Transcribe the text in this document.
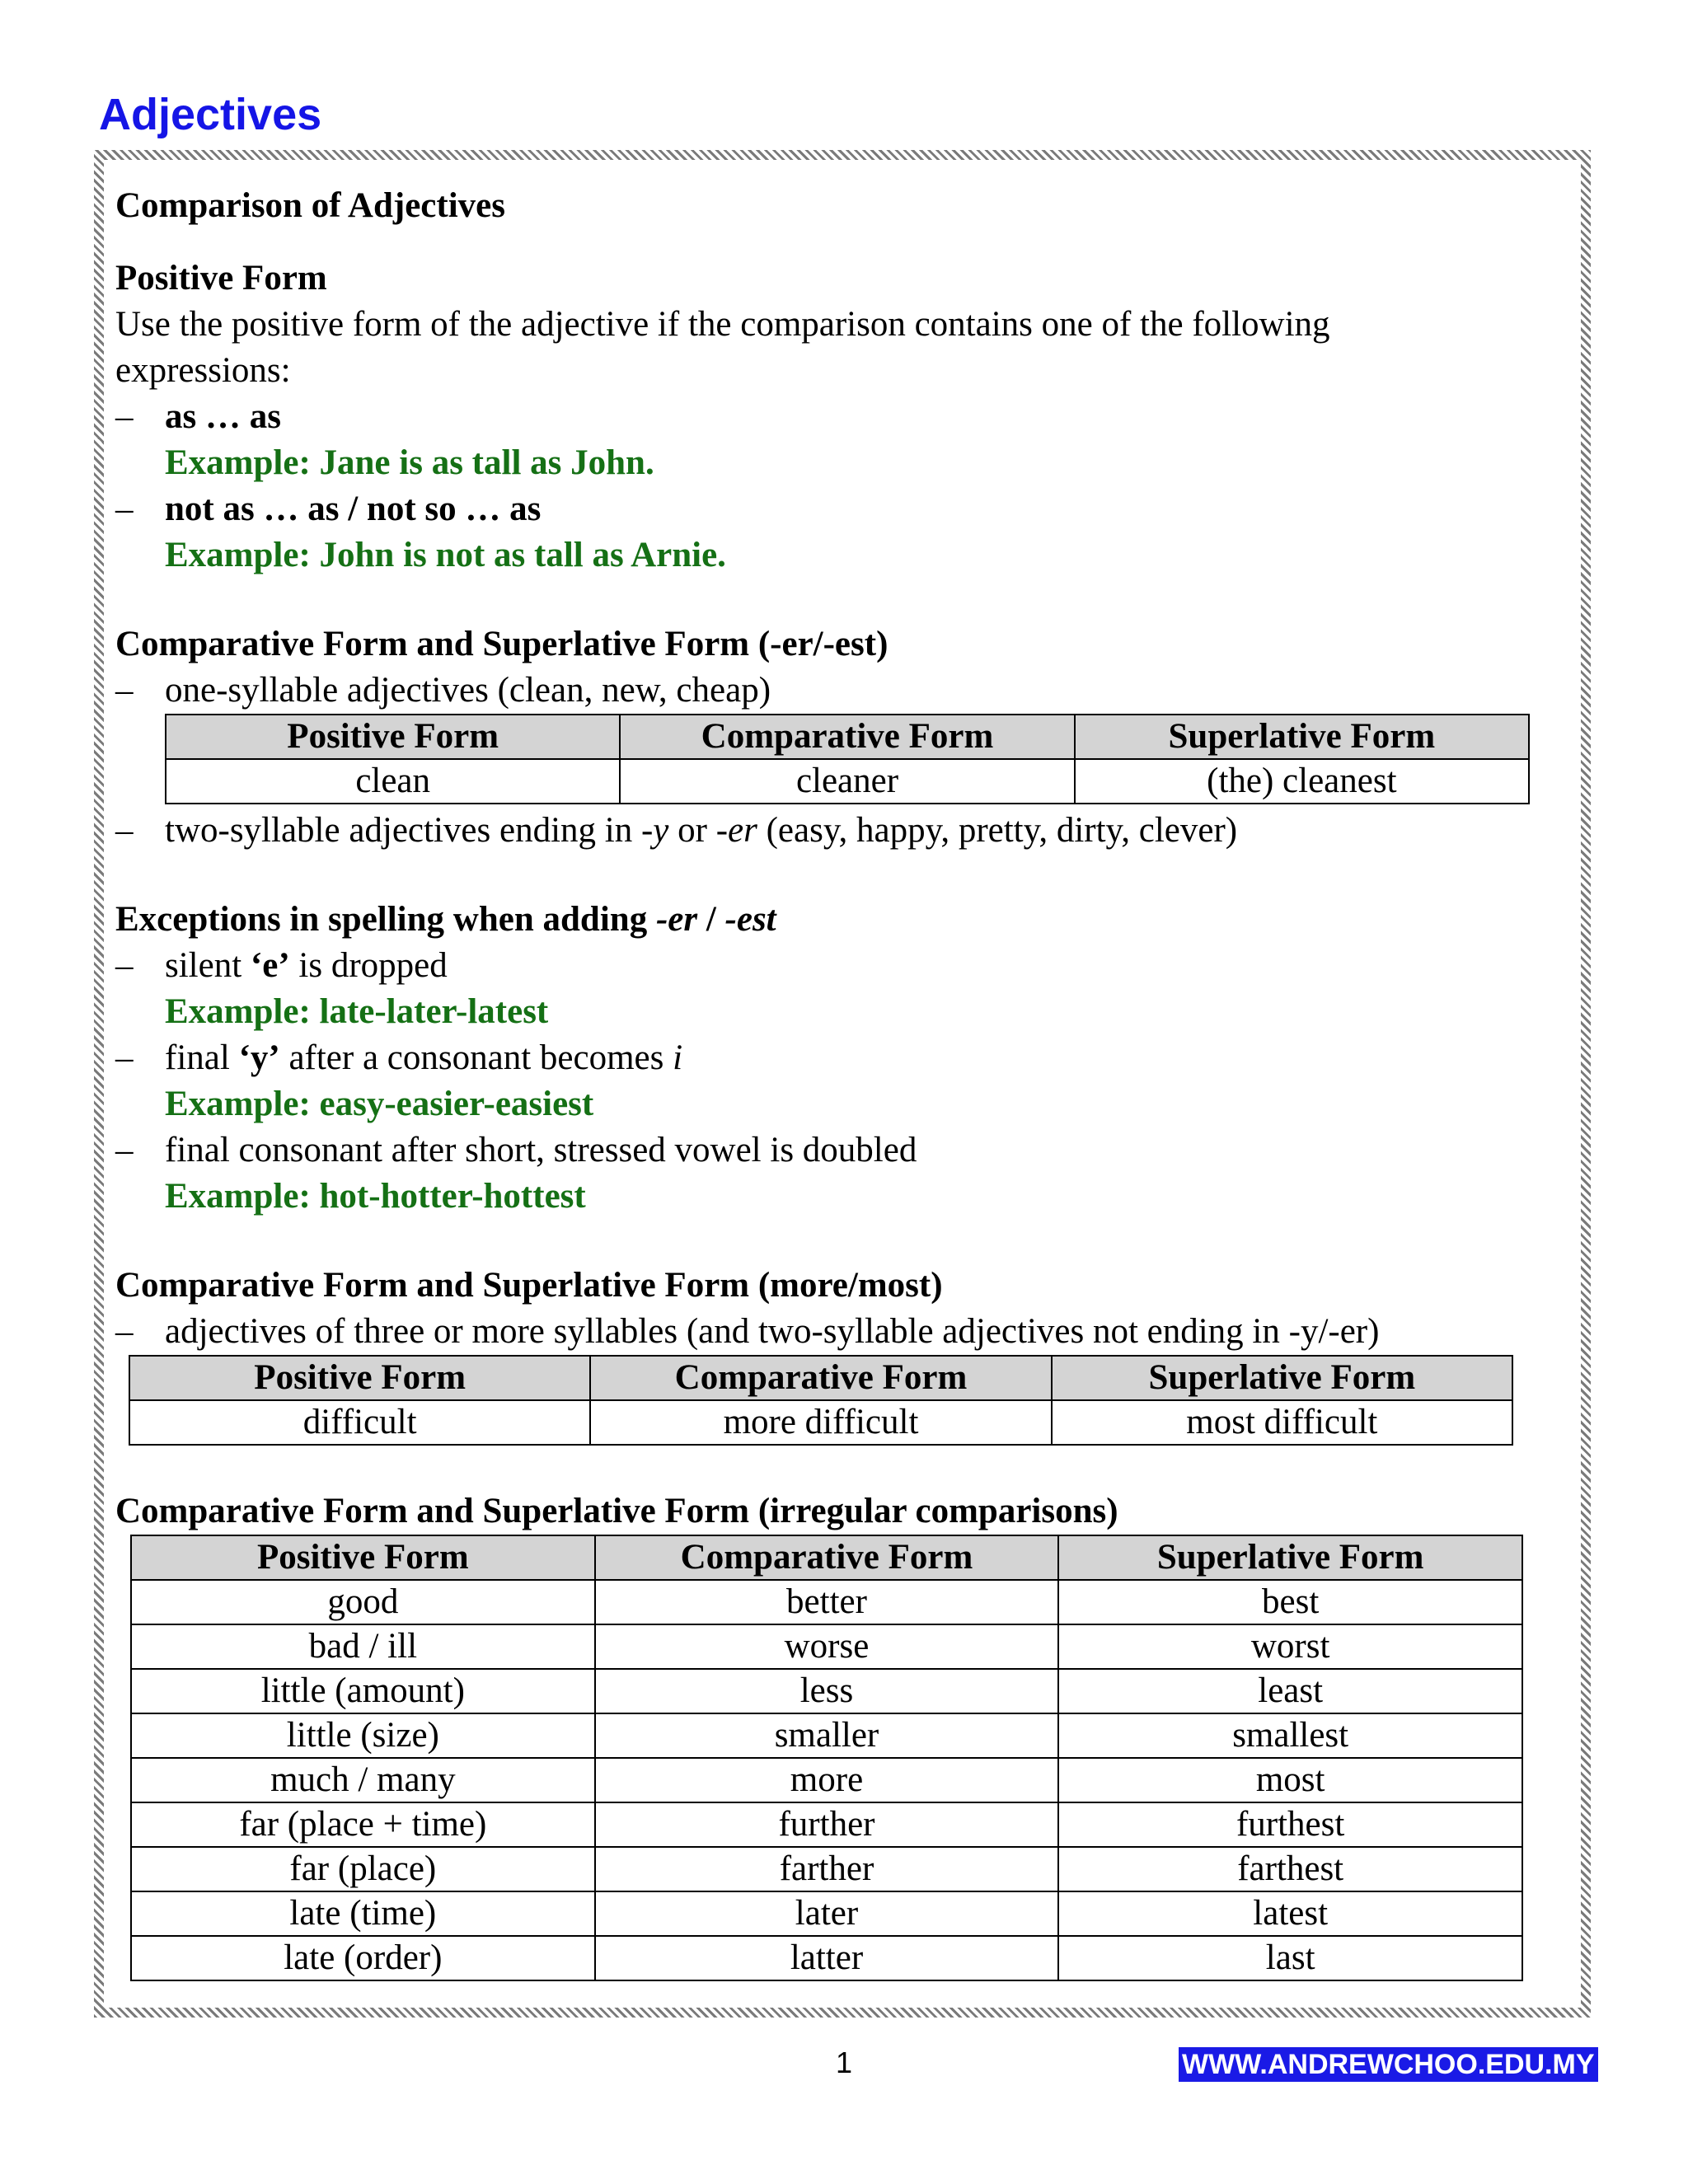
Adjectives
Comparison of Adjectives
Positive Form
Use the positive form of the adjective if the comparison contains one of the following
expressions:
– as … as
Example: Jane is as tall as John.
– not as … as / not so … as
Example: John is not as tall as Arnie.
Comparative Form and Superlative Form (-er/-est)
– one-syllable adjectives (clean, new, cheap)
Positive Form	Comparative Form	Superlative Form
clean	cleaner	(the) cleanest
– two-syllable adjectives ending in -y or -er (easy, happy, pretty, dirty, clever)
Exceptions in spelling when adding -er / -est
– silent ‘e’ is dropped
Example: late-later-latest
– final ‘y’ after a consonant becomes i
Example: easy-easier-easiest
– final consonant after short, stressed vowel is doubled
Example: hot-hotter-hottest
Comparative Form and Superlative Form (more/most)
– adjectives of three or more syllables (and two-syllable adjectives not ending in -y/-er)
Positive Form	Comparative Form	Superlative Form
difficult	more difficult	most difficult
Comparative Form and Superlative Form (irregular comparisons)
Positive Form	Comparative Form	Superlative Form
good	better	best
bad / ill	worse	worst
little (amount)	less	least
little (size)	smaller	smallest
much / many	more	most
far (place + time)	further	furthest
far (place)	farther	farthest
late (time)	later	latest
late (order)	latter	last
1	WWW.ANDREWCHOO.EDU.MY
